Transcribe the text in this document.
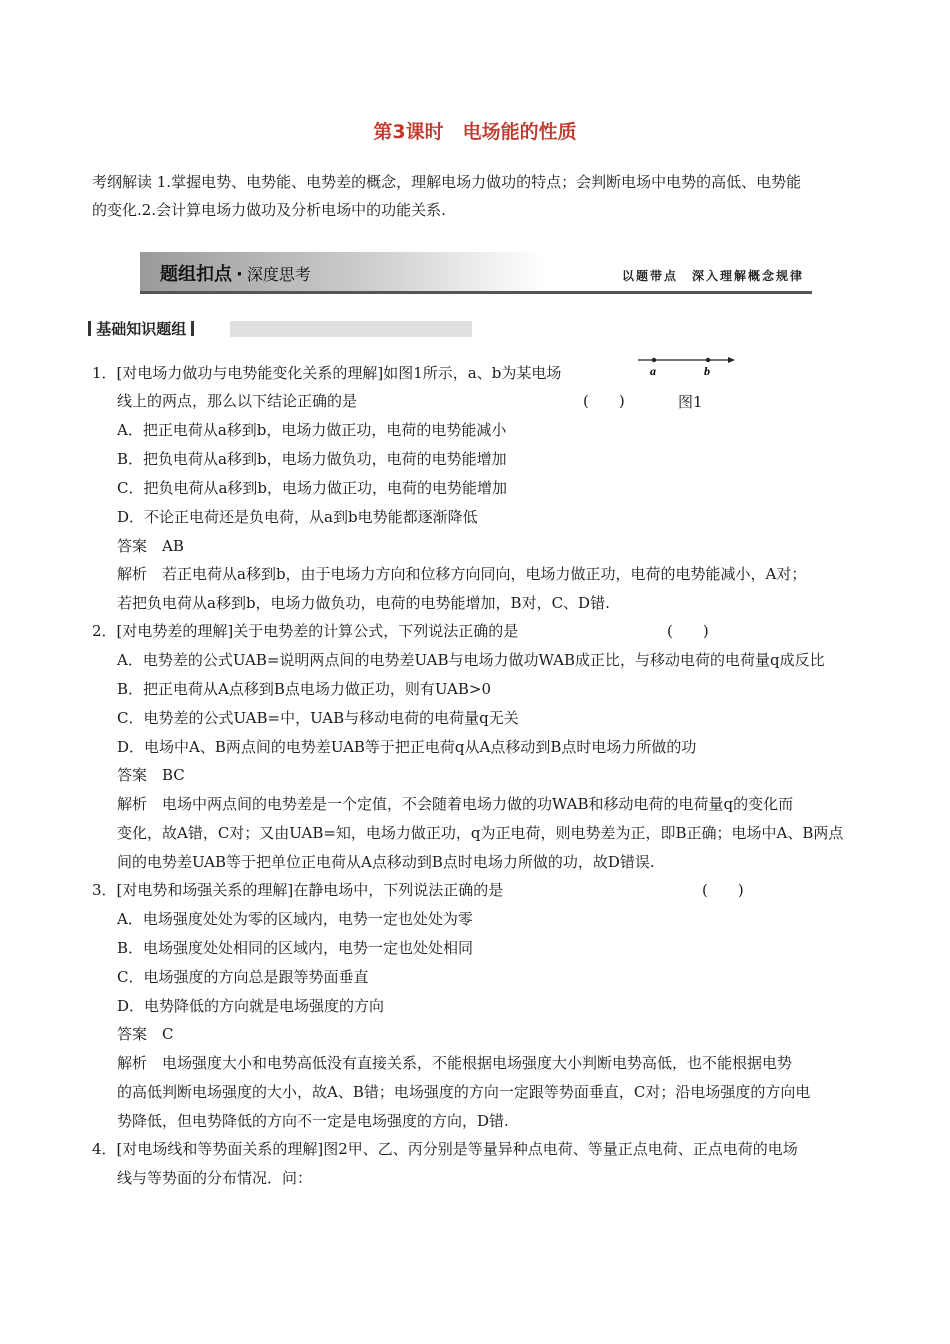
第3课时　电场能的性质
考纲解读 1.掌握电势、电势能、电势差的概念，理解电场力做功的特点；会判断电场中电势的高低、电势能
的变化.2.会计算电场力做功及分析电场中的功能关系.
题组扣点 · 深度思考	以题带点　深入理解概念规律
基础知识题组
a	b
图1
1．[对电场力做功与电势能变化关系的理解]如图1所示，a、b为某电场
线上的两点，那么以下结论正确的是	(　　)
A．把正电荷从a移到b，电场力做正功，电荷的电势能减小
B．把负电荷从a移到b，电场力做负功，电荷的电势能增加
C．把负电荷从a移到b，电场力做正功，电荷的电势能增加
D．不论正电荷还是负电荷，从a到b电势能都逐渐降低
答案　AB
解析　若正电荷从a移到b，由于电场力方向和位移方向同向，电场力做正功，电荷的电势能减小，A对；
若把负电荷从a移到b，电场力做负功，电荷的电势能增加，B对，C、D错.
2．[对电势差的理解]关于电势差的计算公式，下列说法正确的是	(　　)
A．电势差的公式UAB=说明两点间的电势差UAB与电场力做功WAB成正比，与移动电荷的电荷量q成反比
B．把正电荷从A点移到B点电场力做正功，则有UAB>0
C．电势差的公式UAB=中，UAB与移动电荷的电荷量q无关
D．电场中A、B两点间的电势差UAB等于把正电荷q从A点移动到B点时电场力所做的功
答案　BC
解析　电场中两点间的电势差是一个定值，不会随着电场力做的功WAB和移动电荷的电荷量q的变化而
变化，故A错，C对；又由UAB=知，电场力做正功，q为正电荷，则电势差为正，即B正确；电场中A、B两点
间的电势差UAB等于把单位正电荷从A点移动到B点时电场力所做的功，故D错误.
3．[对电势和场强关系的理解]在静电场中，下列说法正确的是	(　　)
A．电场强度处处为零的区域内，电势一定也处处为零
B．电场强度处处相同的区域内，电势一定也处处相同
C．电场强度的方向总是跟等势面垂直
D．电势降低的方向就是电场强度的方向
答案　C
解析　电场强度大小和电势高低没有直接关系，不能根据电场强度大小判断电势高低，也不能根据电势
的高低判断电场强度的大小，故A、B错；电场强度的方向一定跟等势面垂直，C对；沿电场强度的方向电
势降低，但电势降低的方向不一定是电场强度的方向，D错.
4．[对电场线和等势面关系的理解]图2甲、乙、丙分别是等量异种点电荷、等量正点电荷、正点电荷的电场
线与等势面的分布情况．问：
